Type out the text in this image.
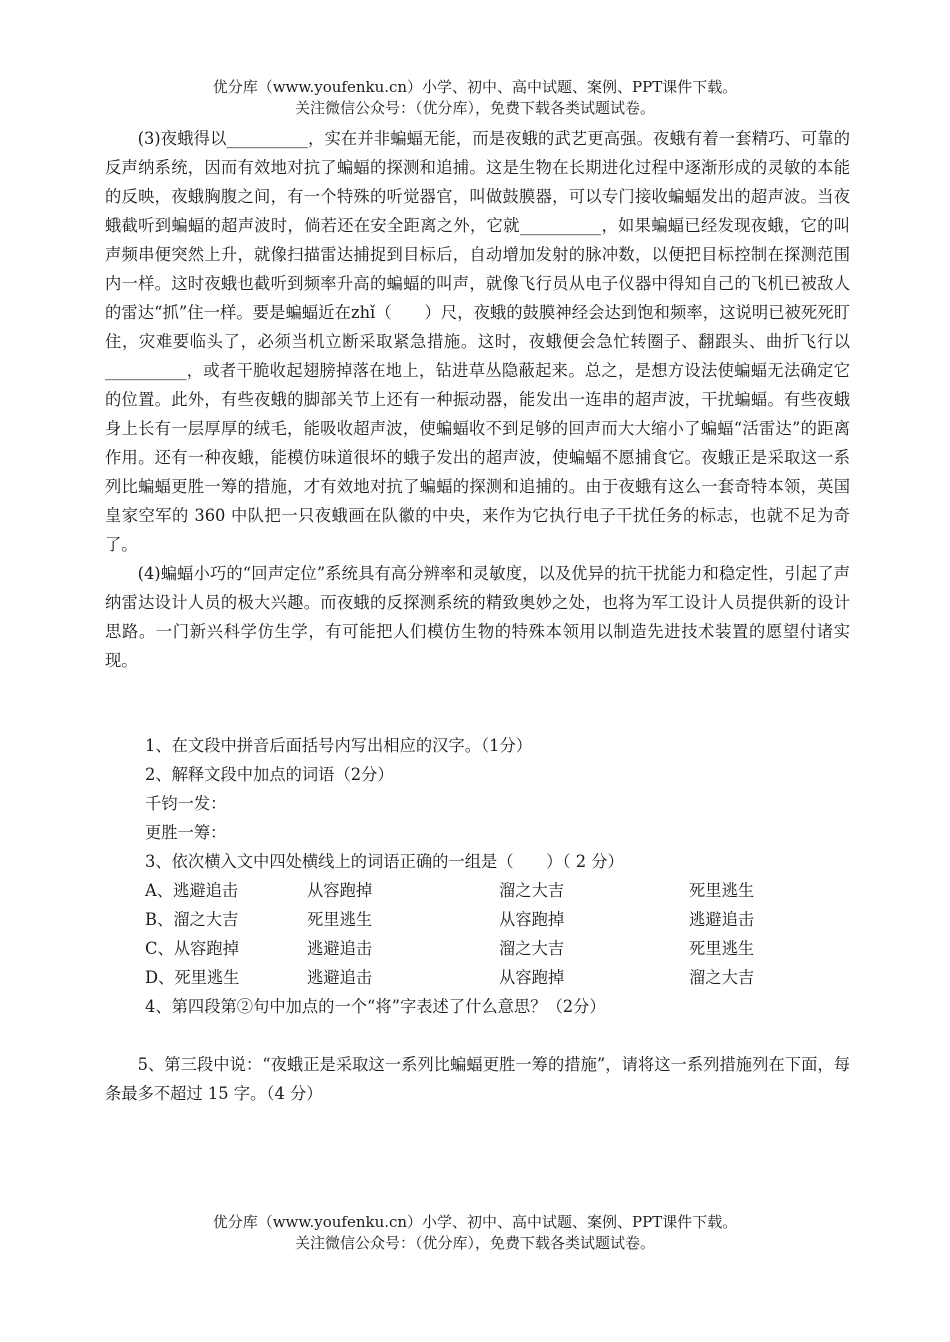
优分库（www.youfenku.cn）小学、初中、高中试题、案例、PPT课件下载。
关注微信公众号：（优分库），免费下载各类试题试卷。

(3)夜蛾得以__________，实在并非蝙蝠无能，而是夜蛾的武艺更高强。夜蛾有着一套精巧、可靠的反声纳系统，因而有效地对抗了蝙蝠的探测和追捕。这是生物在长期进化过程中逐渐形成的灵敏的本能的反映，夜蛾胸腹之间，有一个特殊的听觉器官，叫做鼓膜器，可以专门接收蝙蝠发出的超声波。当夜蛾截听到蝙蝠的超声波时，倘若还在安全距离之外，它就__________，如果蝙蝠已经发现夜蛾，它的叫声频串便突然上升，就像扫描雷达捕捉到目标后，自动增加发射的脉冲数，以便把目标控制在探测范围内一样。这时夜蛾也截听到频率升高的蝙蝠的叫声，就像飞行员从电子仪器中得知自己的飞机已被敌人的雷达“抓”住一样。要是蝙蝠近在zhǐ（　　）尺，夜蛾的鼓膜神经会达到饱和频率，这说明已被死死盯住，灾难要临头了，必须当机立断采取紧急措施。这时，夜蛾便会急忙转圈子、翻跟头、曲折飞行以__________，或者干脆收起翅膀掉落在地上，钻进草丛隐蔽起来。总之，是想方设法使蝙蝠无法确定它的位置。此外，有些夜蛾的脚部关节上还有一种振动器，能发出一连串的超声波，干扰蝙蝠。有些夜蛾身上长有一层厚厚的绒毛，能吸收超声波，使蝙蝠收不到足够的回声而大大缩小了蝙蝠“活雷达”的距离作用。还有一种夜蛾，能模仿味道很坏的蛾子发出的超声波，使蝙蝠不愿捕食它。夜蛾正是采取这一系列比蝙蝠更胜一筹的措施，才有效地对抗了蝙蝠的探测和追捕的。由于夜蛾有这么一套奇特本领，英国皇家空军的 360 中队把一只夜蛾画在队徽的中央，来作为它执行电子干扰任务的标志，也就不足为奇了。

(4)蝙蝠小巧的“回声定位”系统具有高分辨率和灵敏度，以及优异的抗干扰能力和稳定性，引起了声纳雷达设计人员的极大兴趣。而夜蛾的反探测系统的精致奥妙之处，也将为军工设计人员提供新的设计思路。一门新兴科学仿生学，有可能把人们模仿生物的特殊本领用以制造先进技术装置的愿望付诸实现。

1、在文段中拼音后面括号内写出相应的汉字。（1分）

2、解释文段中加点的词语（2分）

千钧一发：

更胜一筹：

3、依次横入文中四处横线上的词语正确的一组是（　　）（ 2 分）

A、逃避追击	从容跑掉	溜之大吉	死里逃生
B、溜之大吉	死里逃生	从容跑掉	逃避追击
C、从容跑掉	逃避追击	溜之大吉	死里逃生
D、死里逃生	逃避追击	从容跑掉	溜之大吉

4、第四段第②句中加点的一个“将”字表述了什么意思？（2分）

5、第三段中说：“夜蛾正是采取这一系列比蝙蝠更胜一筹的措施”，请将这一系列措施列在下面，每条最多不超过 15 字。（4 分）

优分库（www.youfenku.cn）小学、初中、高中试题、案例、PPT课件下载。
关注微信公众号：（优分库），免费下载各类试题试卷。
